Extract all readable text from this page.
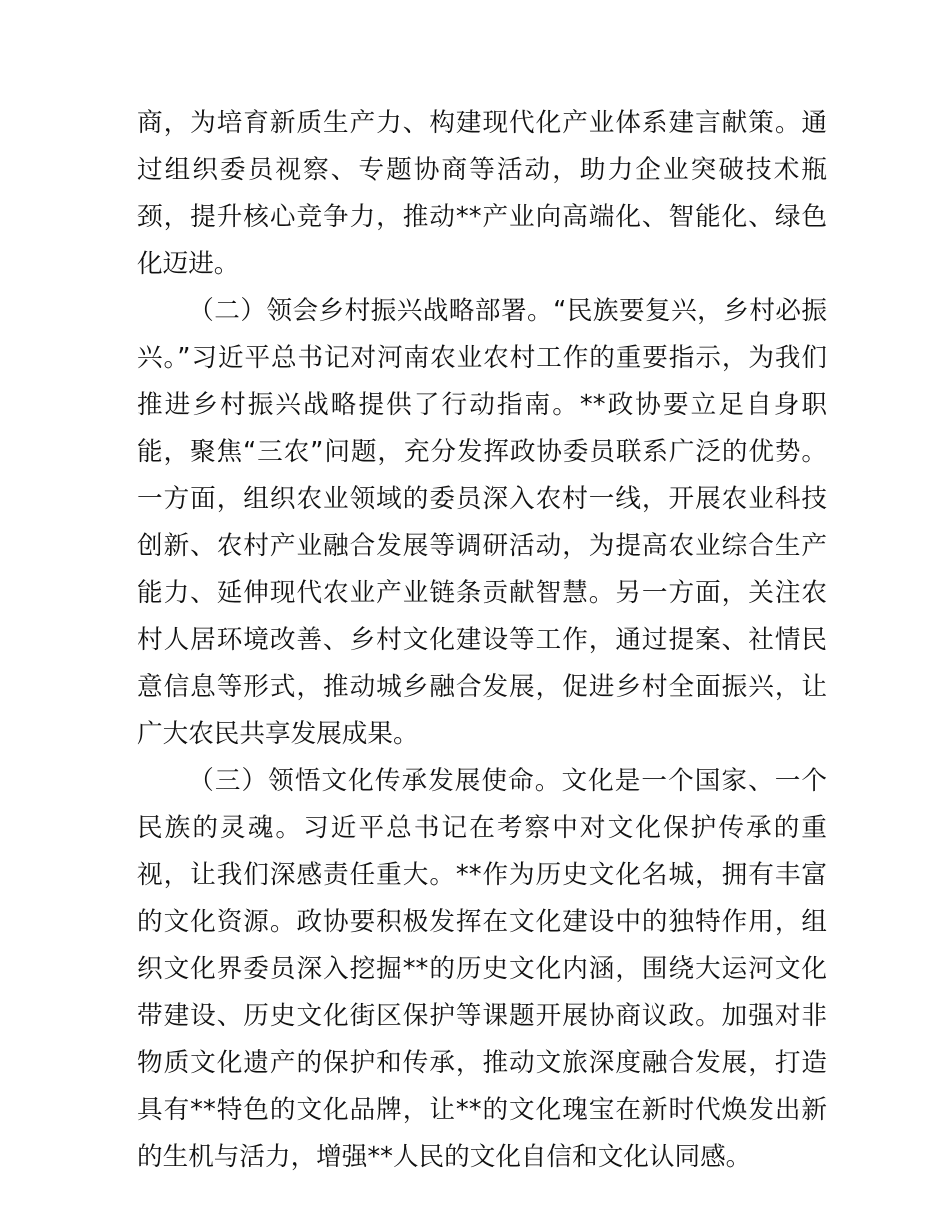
商，为培育新质生产力、构建现代化产业体系建言献策。通过组织委员视察、专题协商等活动，助力企业突破技术瓶颈，提升核心竞争力，推动**产业向高端化、智能化、绿色化迈进。

（二）领会乡村振兴战略部署。“民族要复兴，乡村必振兴。”习近平总书记对河南农业农村工作的重要指示，为我们推进乡村振兴战略提供了行动指南。**政协要立足自身职能，聚焦“三农”问题，充分发挥政协委员联系广泛的优势。一方面，组织农业领域的委员深入农村一线，开展农业科技创新、农村产业融合发展等调研活动，为提高农业综合生产能力、延伸现代农业产业链条贡献智慧。另一方面，关注农村人居环境改善、乡村文化建设等工作，通过提案、社情民意信息等形式，推动城乡融合发展，促进乡村全面振兴，让广大农民共享发展成果。

（三）领悟文化传承发展使命。文化是一个国家、一个民族的灵魂。习近平总书记在考察中对文化保护传承的重视，让我们深感责任重大。**作为历史文化名城，拥有丰富的文化资源。政协要积极发挥在文化建设中的独特作用，组织文化界委员深入挖掘**的历史文化内涵，围绕大运河文化带建设、历史文化街区保护等课题开展协商议政。加强对非物质文化遗产的保护和传承，推动文旅深度融合发展，打造具有**特色的文化品牌，让**的文化瑰宝在新时代焕发出新的生机与活力，增强**人民的文化自信和文化认同感。
